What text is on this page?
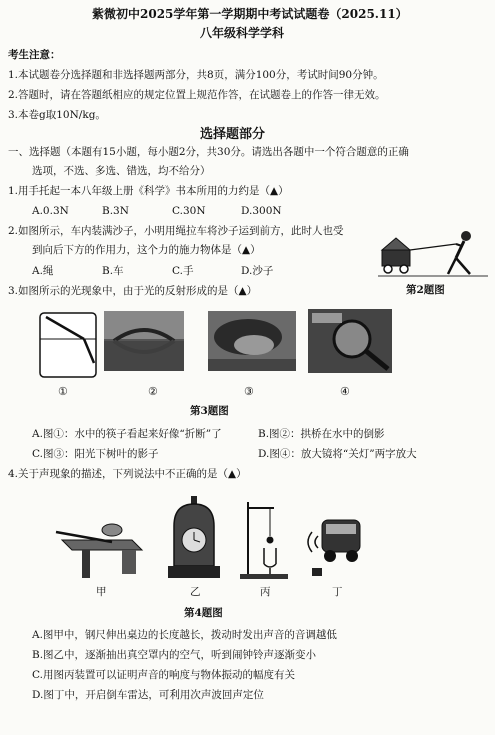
紫微初中2025学年第一学期期中考试试题卷（2025.11）
八年级科学学科
考生注意：
1.本试题卷分选择题和非选择题两部分，共8页，满分100分，考试时间90分钟。
2.答题时，请在答题纸相应的规定位置上规范作答，在试题卷上的作答一律无效。
3.本卷g取10N/kg。
选择题部分
一、选择题（本题有15小题，每小题2分，共30分。请选出各题中一个符合题意的正确
选项，不选、多选、错选，均不给分）
1.用手托起一本八年级上册《科学》书本所用的力约是（▲）
A.0.3N	B.3N	C.30N	D.300N
2.如图所示，车内装满沙子，小明用绳拉车将沙子运到前方，此时人也受
到向后下方的作用力，这个力的施力物体是（▲）
A.绳	B.车	C.手	D.沙子
第2题图
3.如图所示的光现象中，由于光的反射形成的是（▲）
①	②	③	④
第3题图
A.图①：水中的筷子看起来好像“折断”了	B.图②：拱桥在水中的倒影
C.图③：阳光下树叶的影子	D.图④：放大镜将“关灯”两字放大
4.关于声现象的描述，下列说法中不正确的是（▲）
甲	乙	丙	丁
第4题图
A.图甲中，钢尺伸出桌边的长度越长，拨动时发出声音的音调越低
B.图乙中，逐渐抽出真空罩内的空气，听到闹钟铃声逐渐变小
C.用图丙装置可以证明声音的响度与物体振动的幅度有关
D.图丁中，开启倒车雷达，可利用次声波回声定位
